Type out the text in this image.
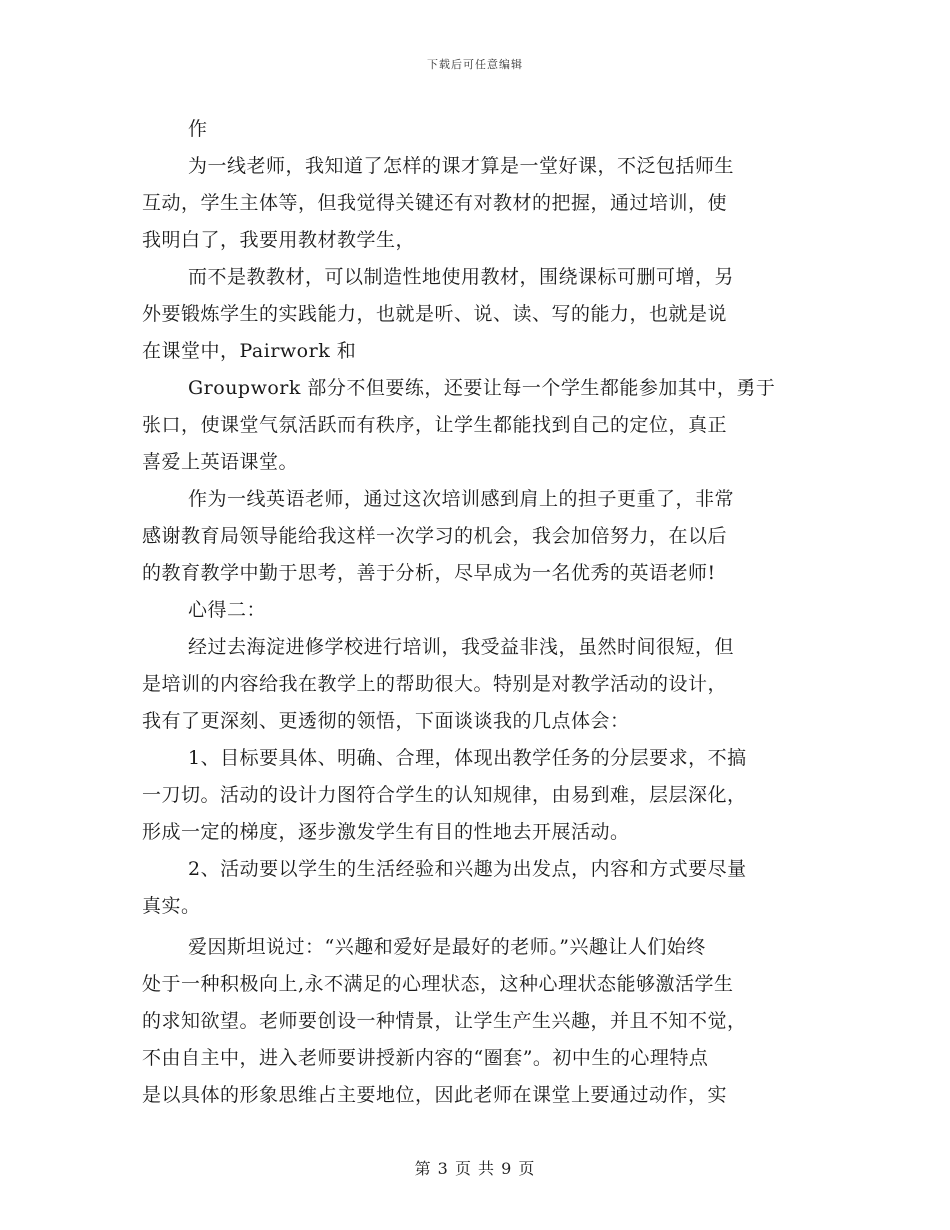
下载后可任意编辑
作
为一线老师，我知道了怎样的课才算是一堂好课，不泛包括师生
互动，学生主体等，但我觉得关键还有对教材的把握，通过培训，使
我明白了，我要用教材教学生，
而不是教教材，可以制造性地使用教材，围绕课标可删可增，另
外要锻炼学生的实践能力，也就是听、说、读、写的能力，也就是说
在课堂中，Pairwork 和
Groupwork 部分不但要练，还要让每一个学生都能参加其中，勇于
张口，使课堂气氛活跃而有秩序，让学生都能找到自己的定位，真正
喜爱上英语课堂。
作为一线英语老师，通过这次培训感到肩上的担子更重了，非常
感谢教育局领导能给我这样一次学习的机会，我会加倍努力，在以后
的教育教学中勤于思考，善于分析，尽早成为一名优秀的英语老师!
心得二：
经过去海淀进修学校进行培训，我受益非浅，虽然时间很短，但
是培训的内容给我在教学上的帮助很大。特别是对教学活动的设计，
我有了更深刻、更透彻的领悟，下面谈谈我的几点体会：
1、目标要具体、明确、合理，体现出教学任务的分层要求，不搞
一刀切。活动的设计力图符合学生的认知规律，由易到难，层层深化，
形成一定的梯度，逐步激发学生有目的性地去开展活动。
2、活动要以学生的生活经验和兴趣为出发点，内容和方式要尽量
真实。
爱因斯坦说过：“兴趣和爱好是最好的老师。”兴趣让人们始终
处于一种积极向上,永不满足的心理状态，这种心理状态能够激活学生
的求知欲望。老师要创设一种情景，让学生产生兴趣，并且不知不觉，
不由自主中，进入老师要讲授新内容的“圈套”。初中生的心理特点
是以具体的形象思维占主要地位，因此老师在课堂上要通过动作，实
第 3 页 共 9 页
